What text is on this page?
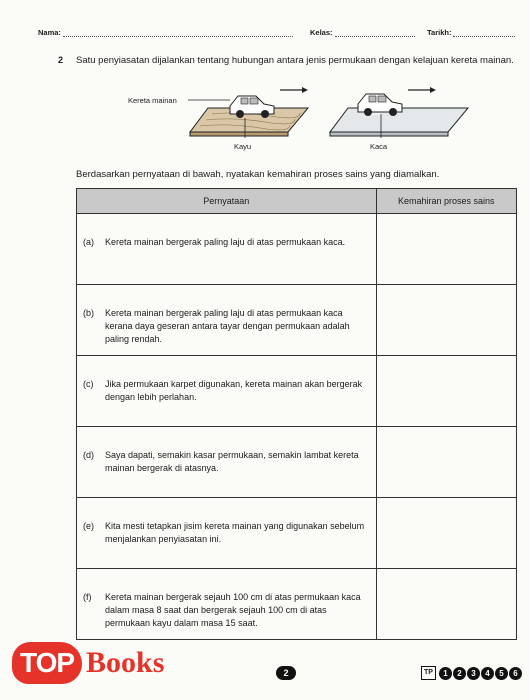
Nama:	Kelas:	Tarikh:
2 Satu penyiasatan dijalankan tentang hubungan antara jenis permukaan dengan kelajuan kereta mainan.
Kereta mainan
Kayu	Kaca
Berdasarkan pernyataan di bawah, nyatakan kemahiran proses sains yang diamalkan.
Pernyataan	Kemahiran proses sains

(a) Kereta mainan bergerak paling laju di atas permukaan kaca.	

(b) Kereta mainan bergerak paling laju di atas permukaan kaca kerana daya geseran antara tayar dengan permukaan adalah paling rendah.	

(c) Jika permukaan karpet digunakan, kereta mainan akan bergerak dengan lebih perlahan.	

(d) Saya dapati, semakin kasar permukaan, semakin lambat kereta mainan bergerak di atasnya.	

(e) Kita mesti tetapkan jisim kereta mainan yang digunakan sebelum menjalankan penyiasatan ini.	

(f) Kereta mainan bergerak sejauh 100 cm di atas permukaan kaca dalam masa 8 saat dan bergerak sejauh 100 cm di atas permukaan kayu dalam masa 15 saat.	

TOP Books	2	TP	1	2	3	4	5	6
